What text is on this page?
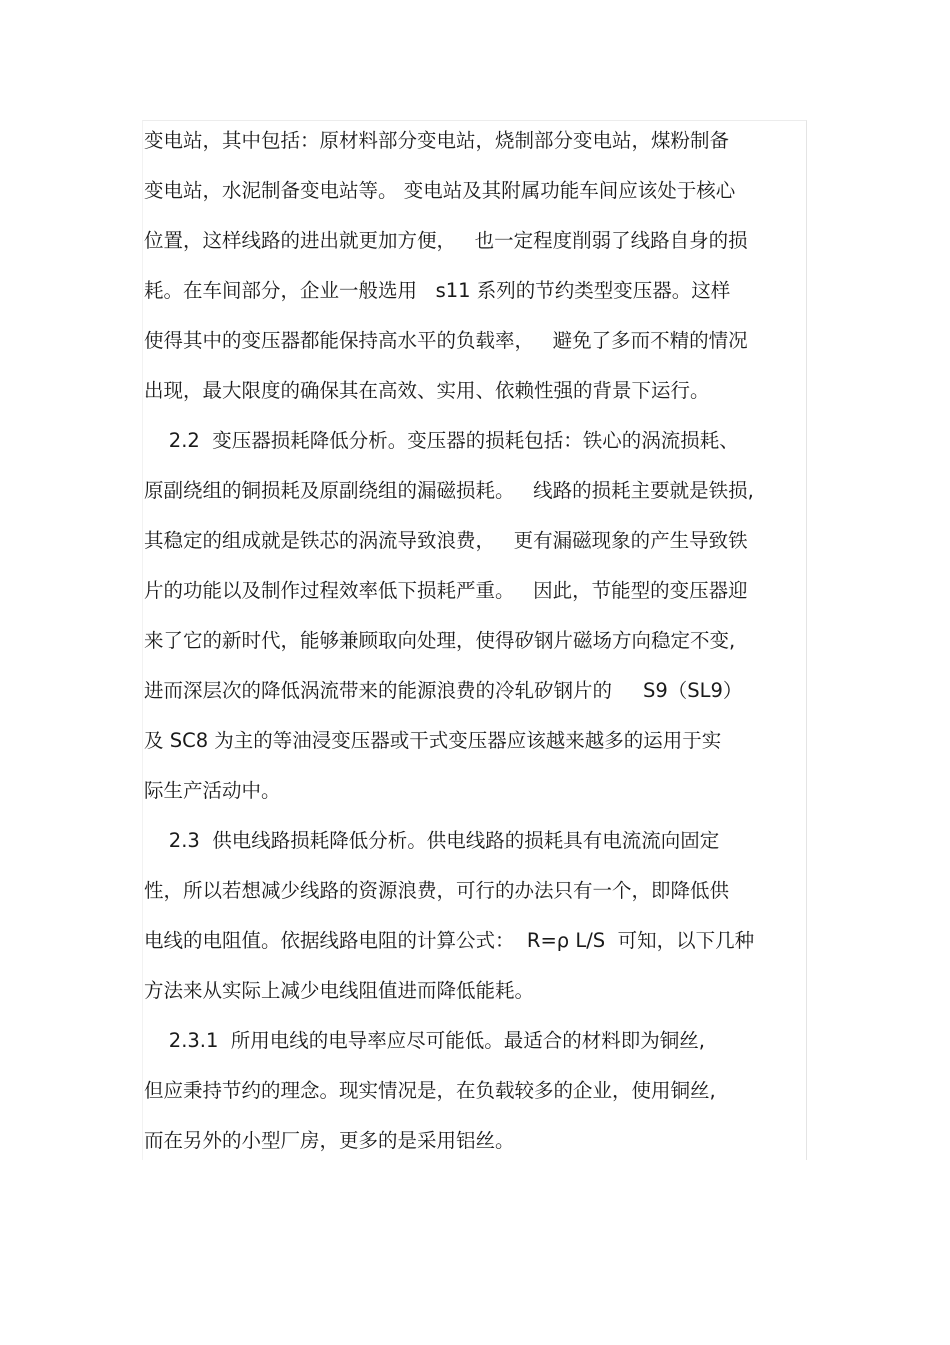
变电站，其中包括：原材料部分变电站，烧制部分变电站，煤粉制备
变电站，水泥制备变电站等。 变电站及其附属功能车间应该处于核心
位置，这样线路的进出就更加方便，   也一定程度削弱了线路自身的损
耗。在车间部分，企业一般选用   s11 系列的节约类型变压器。这样
使得其中的变压器都能保持高水平的负载率，   避免了多而不精的情况
出现，最大限度的确保其在高效、实用、依赖性强的背景下运行。
2.2  变压器损耗降低分析。变压器的损耗包括：铁心的涡流损耗、
原副绕组的铜损耗及原副绕组的漏磁损耗。   线路的损耗主要就是铁损,
其稳定的组成就是铁芯的涡流导致浪费，   更有漏磁现象的产生导致铁
片的功能以及制作过程效率低下损耗严重。   因此，节能型的变压器迎
来了它的新时代，能够兼顾取向处理，使得矽钢片磁场方向稳定不变,
进而深层次的降低涡流带来的能源浪费的冷轧矽钢片的     S9（SL9）
及 SC8 为主的等油浸变压器或干式变压器应该越来越多的运用于实
际生产活动中。
2.3  供电线路损耗降低分析。供电线路的损耗具有电流流向固定
性，所以若想减少线路的资源浪费，可行的办法只有一个，即降低供
电线的电阻值。依据线路电阻的计算公式：  R=ρ L/S  可知，以下几种
方法来从实际上减少电线阻值进而降低能耗。
2.3.1  所用电线的电导率应尽可能低。最适合的材料即为铜丝,
但应秉持节约的理念。现实情况是，在负载较多的企业，使用铜丝,
而在另外的小型厂房，更多的是采用铝丝。
